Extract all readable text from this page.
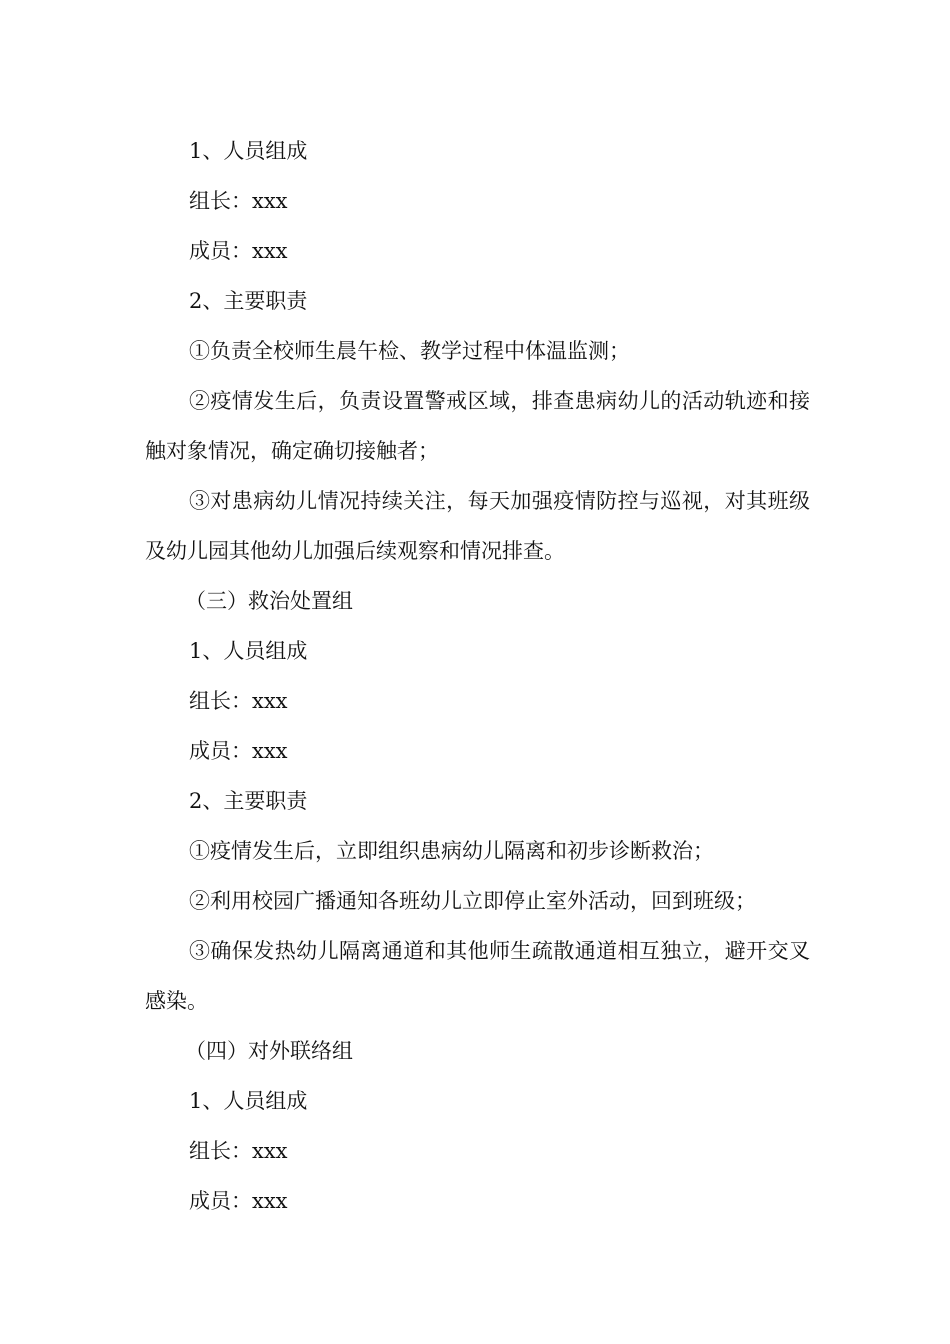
1、人员组成

组长：xxx

成员：xxx

2、主要职责

①负责全校师生晨午检、教学过程中体温监测；

②疫情发生后，负责设置警戒区域，排查患病幼儿的活动轨迹和接触对象情况，确定确切接触者；

③对患病幼儿情况持续关注，每天加强疫情防控与巡视，对其班级及幼儿园其他幼儿加强后续观察和情况排查。

（三）救治处置组

1、人员组成

组长：xxx

成员：xxx

2、主要职责

①疫情发生后，立即组织患病幼儿隔离和初步诊断救治；

②利用校园广播通知各班幼儿立即停止室外活动，回到班级；

③确保发热幼儿隔离通道和其他师生疏散通道相互独立，避开交叉感染。

（四）对外联络组

1、人员组成

组长：xxx

成员：xxx
